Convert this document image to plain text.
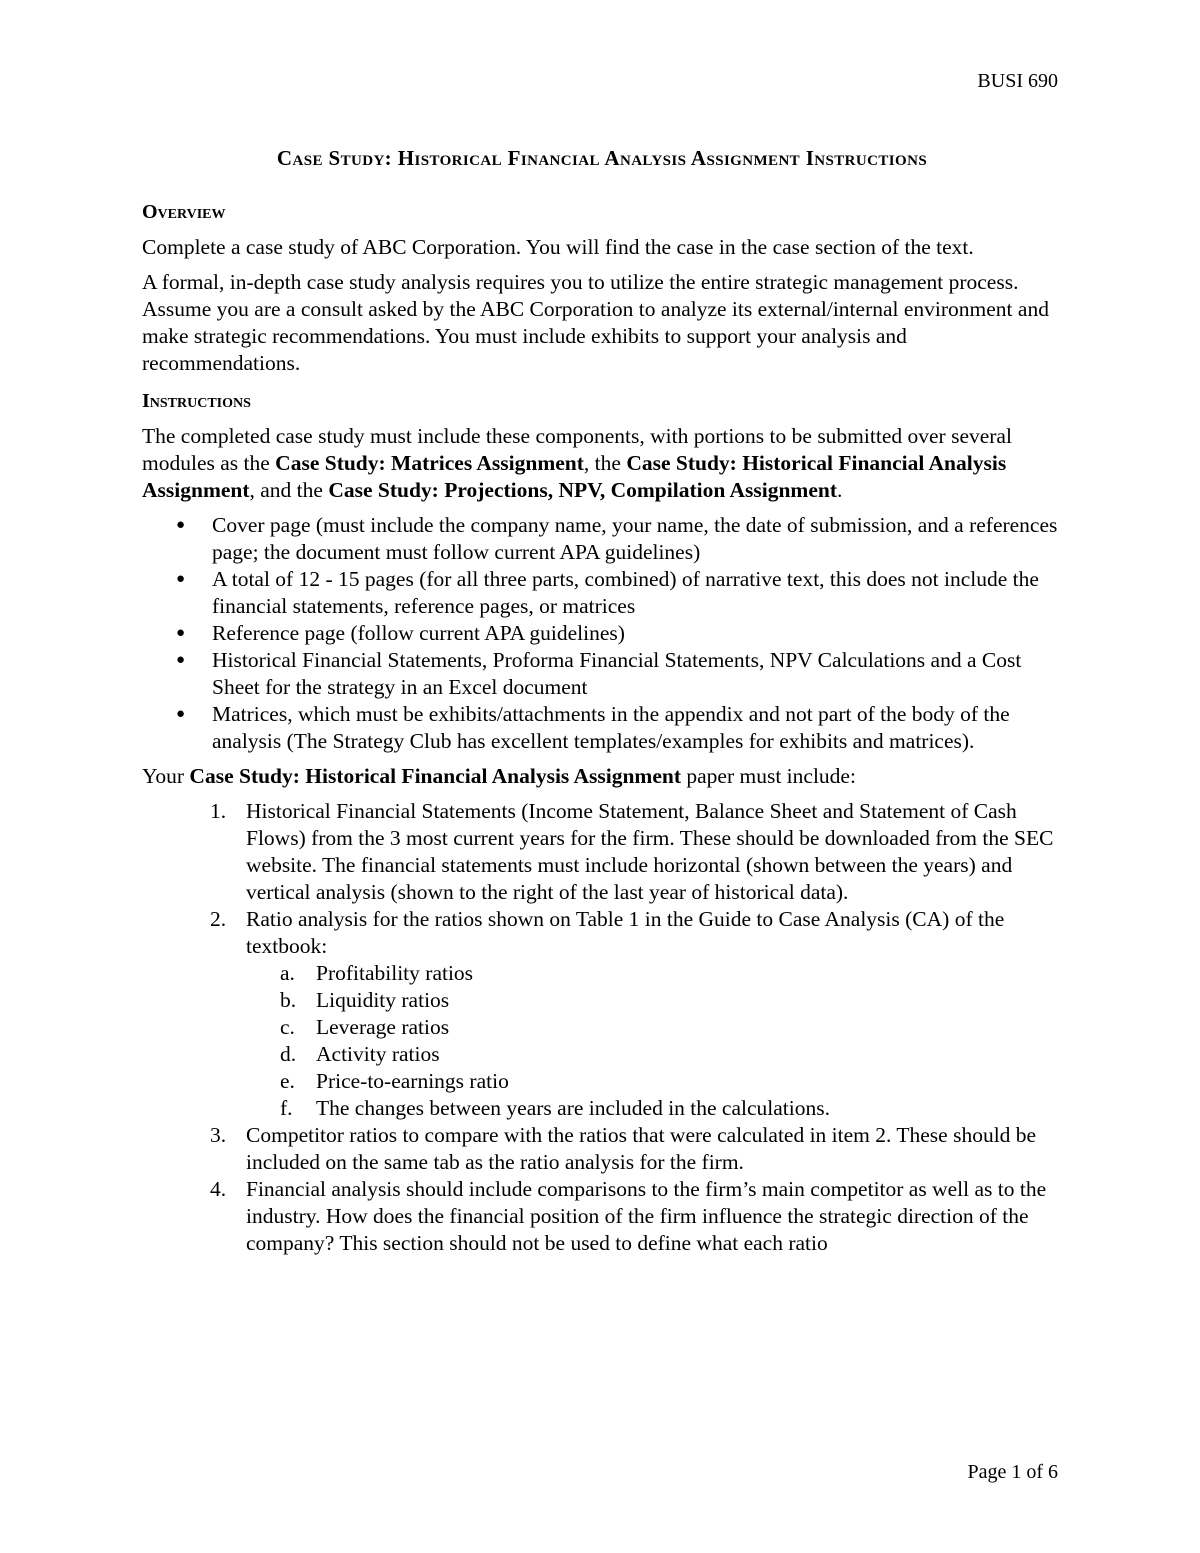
BUSI 690
Case Study: Historical Financial Analysis Assignment Instructions
Overview

Complete a case study of ABC Corporation. You will find the case in the case section of the text.

A formal, in-depth case study analysis requires you to utilize the entire strategic management process. Assume you are a consult asked by the ABC Corporation to analyze its external/internal environment and make strategic recommendations. You must include exhibits to support your analysis and recommendations.

Instructions

The completed case study must include these components, with portions to be submitted over several modules as the Case Study: Matrices Assignment, the Case Study: Historical Financial Analysis Assignment, and the Case Study: Projections, NPV, Compilation Assignment.

● Cover page (must include the company name, your name, the date of submission, and a references page; the document must follow current APA guidelines)
● A total of 12 - 15 pages (for all three parts, combined) of narrative text, this does not include the financial statements, reference pages, or matrices
● Reference page (follow current APA guidelines)
● Historical Financial Statements, Proforma Financial Statements, NPV Calculations and a Cost Sheet for the strategy in an Excel document
● Matrices, which must be exhibits/attachments in the appendix and not part of the body of the analysis (The Strategy Club has excellent templates/examples for exhibits and matrices).

Your Case Study: Historical Financial Analysis Assignment paper must include:

1. Historical Financial Statements (Income Statement, Balance Sheet and Statement of Cash Flows) from the 3 most current years for the firm. These should be downloaded from the SEC website. The financial statements must include horizontal (shown between the years) and vertical analysis (shown to the right of the last year of historical data).
2. Ratio analysis for the ratios shown on Table 1 in the Guide to Case Analysis (CA) of the textbook:
a. Profitability ratios
b. Liquidity ratios
c. Leverage ratios
d. Activity ratios
e. Price-to-earnings ratio
f. The changes between years are included in the calculations.
3. Competitor ratios to compare with the ratios that were calculated in item 2. These should be included on the same tab as the ratio analysis for the firm.
4. Financial analysis should include comparisons to the firm’s main competitor as well as to the industry. How does the financial position of the firm influence the strategic direction of the company? This section should not be used to define what each ratio
Page 1 of 6
